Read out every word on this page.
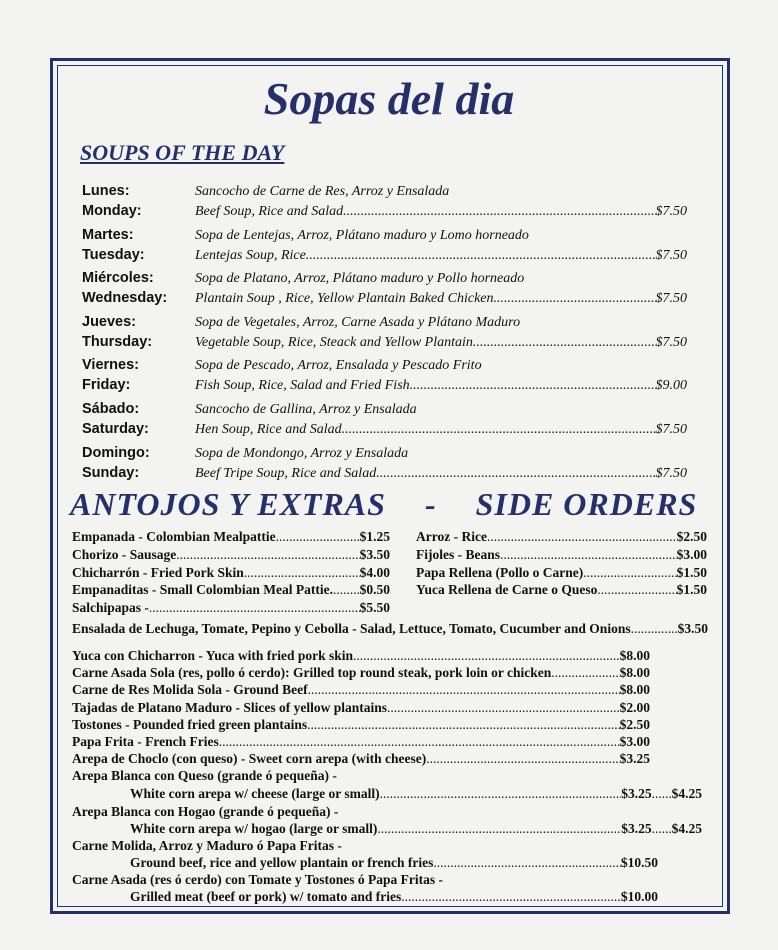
Sopas del dia
SOUPS OF THE DAY
Lunes:
Monday:
Sancocho de Carne de Res, Arroz y Ensalada
Beef Soup, Rice and Salad .....	$7.50
Martes:
Tuesday:
Sopa de Lentejas, Arroz, Plátano maduro y Lomo horneado
Lentejas Soup, Rice .....	$7.50
Miércoles:
Wednesday:
Sopa de Platano, Arroz, Plátano maduro y Pollo horneado
Plantain Soup , Rice, Yellow Plantain Baked Chicken .....	$7.50
Jueves:
Thursday:
Sopa de Vegetales, Arroz, Carne Asada y Plátano Maduro
Vegetable Soup, Rice, Steack and Yellow Plantain .....	$7.50
Viernes:
Friday:
Sopa de Pescado, Arroz, Ensalada y Pescado Frito
Fish Soup, Rice, Salad and Fried Fish .....	$9.00
Sábado:
Saturday:
Sancocho de Gallina, Arroz y Ensalada
Hen Soup, Rice and Salad .....	$7.50
Domingo:
Sunday:
Sopa de Mondongo, Arroz y Ensalada
Beef Tripe Soup, Rice and Salad .....	$7.50
ANTOJOS Y EXTRAS - SIDE ORDERS
Empanada - Colombian Mealpattie .....	$1.25
Chorizo - Sausage .....	$3.50
Chicharrón - Fried Pork Skin .....	$4.00
Empanaditas - Small Colombian Meal Pattie. ..... $0.50
Salchipapas - .....	$5.50
Arroz - Rice .....	$2.50
Fijoles - Beans .....	$3.00
Papa Rellena (Pollo o Carne) .....	$1.50
Yuca Rellena de Carne o Queso .....	$1.50
Ensalada de Lechuga, Tomate, Pepino y Cebolla - Salad, Lettuce, Tomato, Cucumber and Onions .....	$3.50
Yuca con Chicharron - Yuca with fried pork skin .....	$8.00
Carne Asada Sola (res, pollo ó cerdo): Grilled top round steak, pork loin or chicken .....	$8.00
Carne de Res Molida Sola - Ground Beef .....	$8.00
Tajadas de Platano Maduro - Slices of yellow plantains .....	$2.00
Tostones - Pounded fried green plantains .....	$2.50
Papa Frita - French Fries .....	$3.00
Arepa de Choclo (con queso) - Sweet corn arepa (with cheese) .....	$3.25
Arepa Blanca con Queso (grande ó pequeña) -
White corn arepa w/ cheese (large or small) .....	$3.25 ..... $4.25
Arepa Blanca con Hogao (grande ó pequeña) -
White corn arepa w/ hogao (large or small) .....	$3.25 ..... $4.25
Carne Molida, Arroz y Maduro ó Papa Fritas -
Ground beef, rice and yellow plantain or french fries .....	$10.50
Carne Asada (res ó cerdo) con Tomate y Tostones ó Papa Fritas -
Grilled meat (beef or pork) w/ tomato and fries .....	$10.00
